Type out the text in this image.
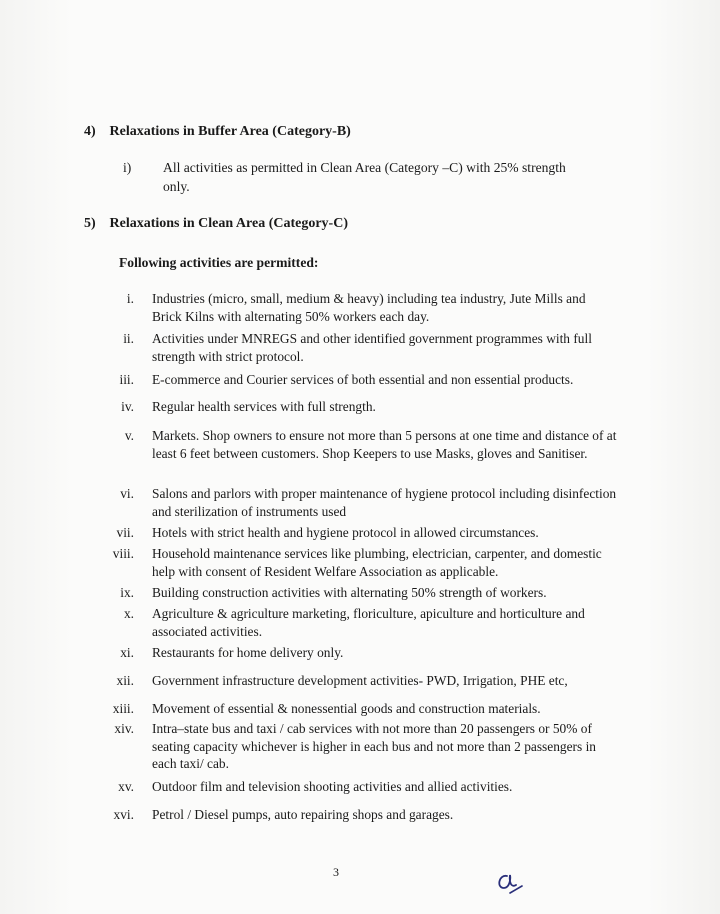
4) Relaxations in Buffer Area (Category-B)
i) All activities as permitted in Clean Area (Category –C) with 25% strength only.
5) Relaxations in Clean Area (Category-C)
Following activities are permitted:
i. Industries (micro, small, medium & heavy) including tea industry, Jute Mills and Brick Kilns with alternating 50% workers each day.
ii. Activities under MNREGS and other identified government programmes with full strength with strict protocol.
iii. E-commerce and Courier services of both essential and non essential products.
iv. Regular health services with full strength.
v. Markets. Shop owners to ensure not more than 5 persons at one time and distance of at least 6 feet between customers. Shop Keepers to use Masks, gloves and Sanitiser.
vi. Salons and parlors with proper maintenance of hygiene protocol including disinfection and sterilization of instruments used
vii. Hotels with strict health and hygiene protocol in allowed circumstances.
viii. Household maintenance services like plumbing, electrician, carpenter, and domestic help with consent of Resident Welfare Association as applicable.
ix. Building construction activities with alternating 50% strength of workers.
x. Agriculture & agriculture marketing, floriculture, apiculture and horticulture and associated activities.
xi. Restaurants for home delivery only.
xii. Government infrastructure development activities- PWD, Irrigation, PHE etc,
xiii. Movement of essential & nonessential goods and construction materials.
xiv. Intra–state bus and taxi / cab services with not more than 20 passengers or 50% of seating capacity whichever is higher in each bus and not more than 2 passengers in each taxi/ cab.
xv. Outdoor film and television shooting activities and allied activities.
xvi. Petrol / Diesel pumps, auto repairing shops and garages.
3
